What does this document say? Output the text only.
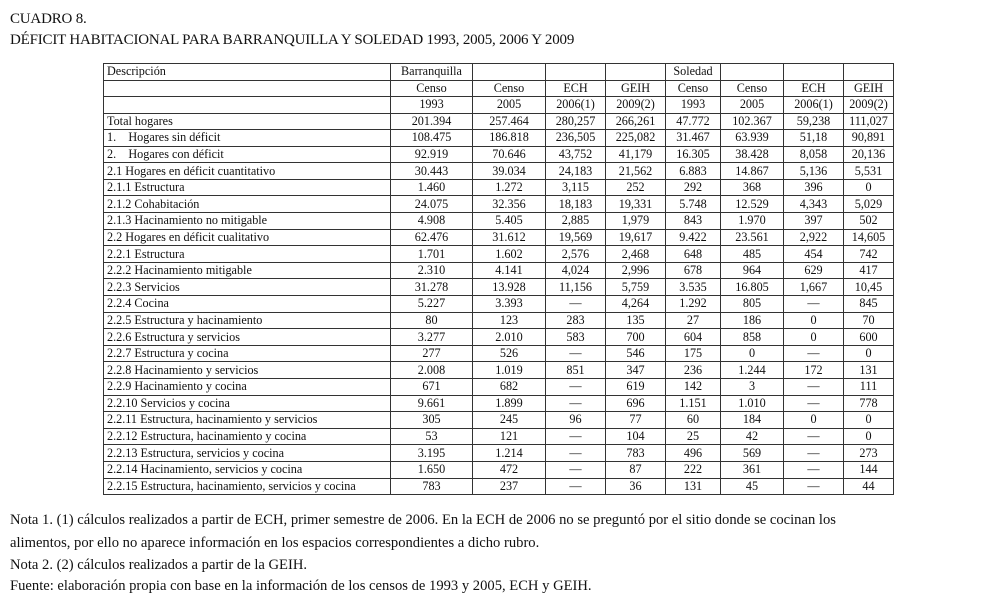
CUADRO 8.
DÉFICIT HABITACIONAL PARA BARRANQUILLA Y SOLEDAD 1993, 2005, 2006 Y 2009
Descripción	Barranquilla				Soledad			
	Censo	Censo	ECH	GEIH	Censo	Censo	ECH	GEIH
	1993	2005	2006(1)	2009(2)	1993	2005	2006(1)	2009(2)
Total hogares	201.394	257.464	280,257	266,261	47.772	102.367	59,238	111,027
1.    Hogares sin déficit	108.475	186.818	236,505	225,082	31.467	63.939	51,18	90,891
2.    Hogares con déficit	92.919	70.646	43,752	41,179	16.305	38.428	8,058	20,136
2.1 Hogares en déficit cuantitativo	30.443	39.034	24,183	21,562	6.883	14.867	5,136	5,531
2.1.1 Estructura	1.460	1.272	3,115	252	292	368	396	0
2.1.2 Cohabitación	24.075	32.356	18,183	19,331	5.748	12.529	4,343	5,029
2.1.3 Hacinamiento no mitigable	4.908	5.405	2,885	1,979	843	1.970	397	502
2.2 Hogares en déficit cualitativo	62.476	31.612	19,569	19,617	9.422	23.561	2,922	14,605
2.2.1 Estructura	1.701	1.602	2,576	2,468	648	485	454	742
2.2.2 Hacinamiento mitigable	2.310	4.141	4,024	2,996	678	964	629	417
2.2.3 Servicios	31.278	13.928	11,156	5,759	3.535	16.805	1,667	10,45
2.2.4 Cocina	5.227	3.393	—	4,264	1.292	805	—	845
2.2.5 Estructura y hacinamiento	80	123	283	135	27	186	0	70
2.2.6 Estructura y servicios	3.277	2.010	583	700	604	858	0	600
2.2.7 Estructura y cocina	277	526	—	546	175	0	—	0
2.2.8 Hacinamiento y servicios	2.008	1.019	851	347	236	1.244	172	131
2.2.9 Hacinamiento y cocina	671	682	—	619	142	3	—	111
2.2.10 Servicios y cocina	9.661	1.899	—	696	1.151	1.010	—	778
2.2.11 Estructura, hacinamiento y servicios	305	245	96	77	60	184	0	0
2.2.12 Estructura, hacinamiento y cocina	53	121	—	104	25	42	—	0
2.2.13 Estructura, servicios y cocina	3.195	1.214	—	783	496	569	—	273
2.2.14 Hacinamiento, servicios y cocina	1.650	472	—	87	222	361	—	144
2.2.15 Estructura, hacinamiento, servicios y cocina	783	237	—	36	131	45	—	44
Nota 1. (1) cálculos realizados a partir de ECH, primer semestre de 2006. En la ECH de 2006 no se preguntó por el sitio donde se cocinan los
alimentos, por ello no aparece información en los espacios correspondientes a dicho rubro.
Nota 2. (2) cálculos realizados a partir de la GEIH.
Fuente: elaboración propia con base en la información de los censos de 1993 y 2005, ECH y GEIH.
